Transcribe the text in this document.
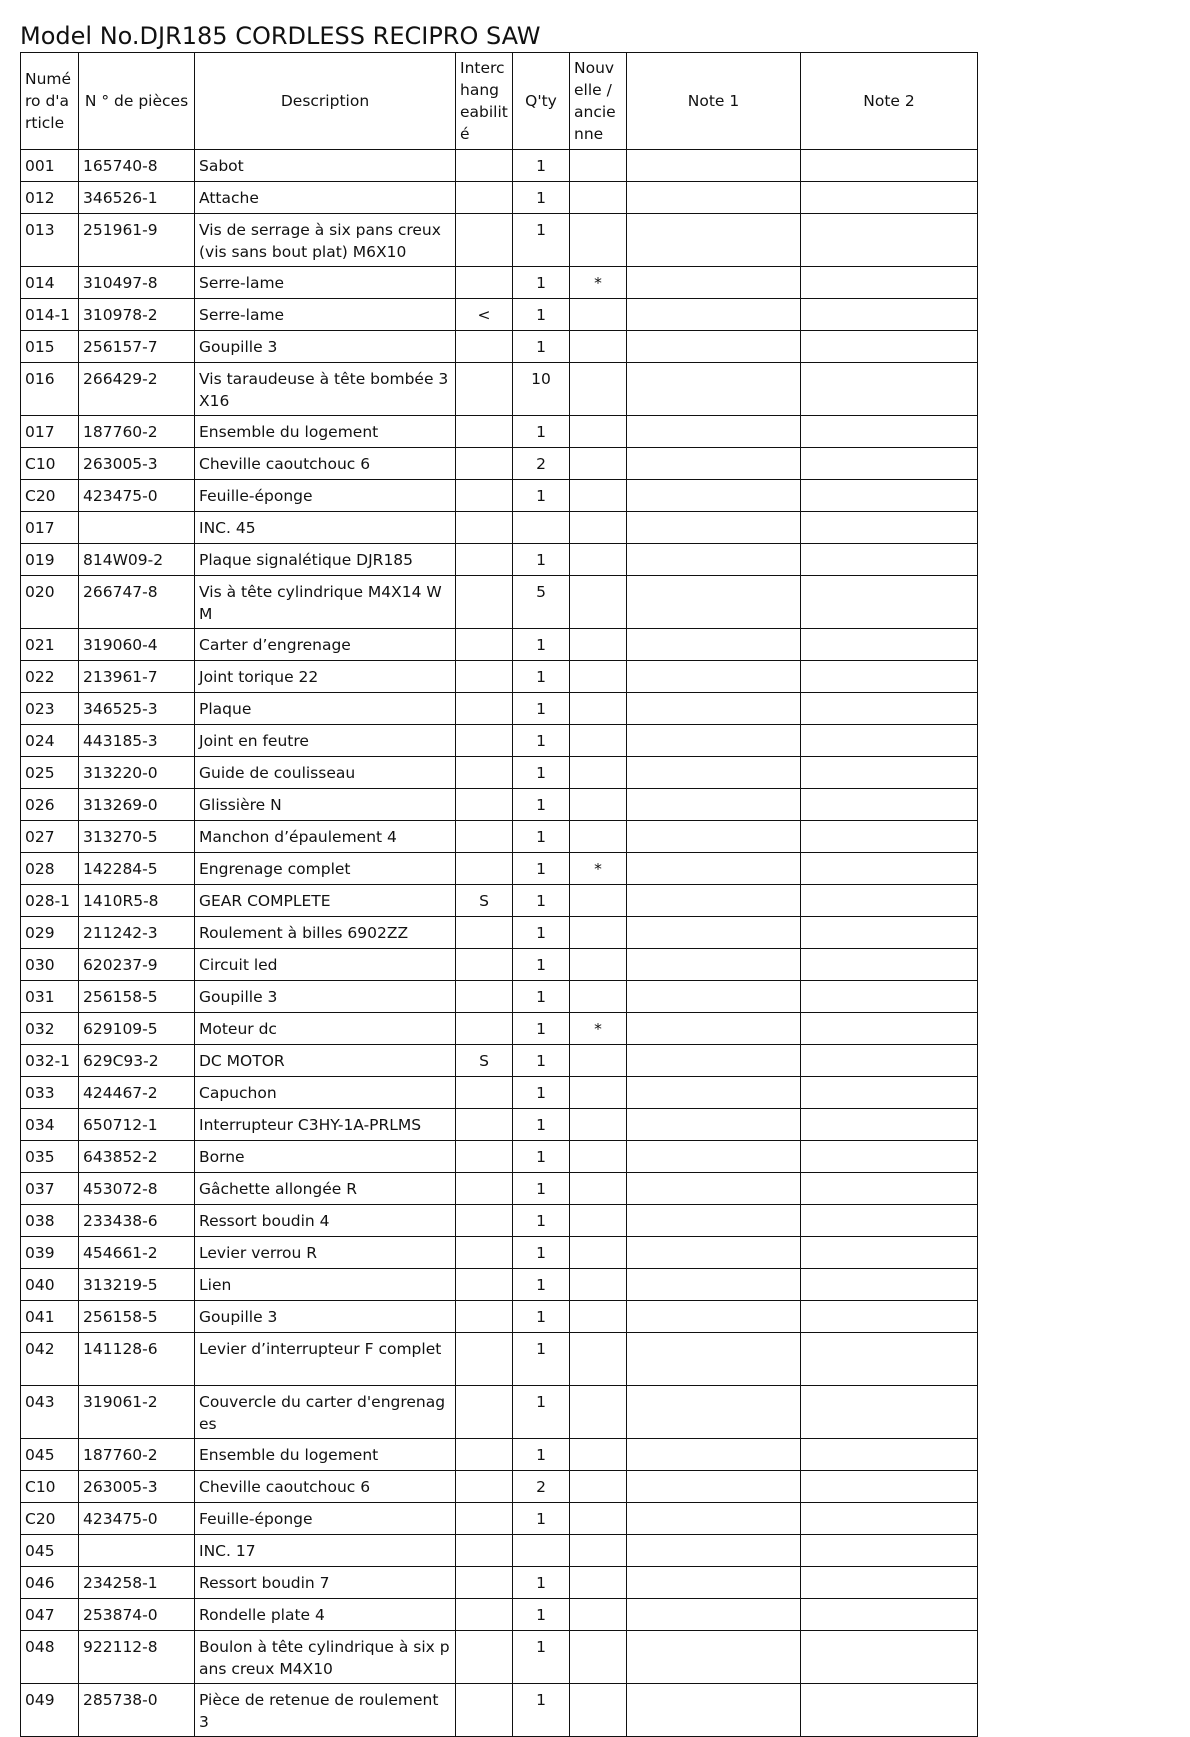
Model No.DJR185 CORDLESS RECIPRO SAW
Numéro d'article	N ° de pièces	Description	Interchangeabilité	Q'ty	Nouvelle / ancienne	Note 1	Note 2
001	165740-8	Sabot		1			
012	346526-1	Attache		1			
013	251961-9	Vis de serrage à six pans creux (vis sans bout plat) M6X10		1			
014	310497-8	Serre-lame		1	*		
014-1	310978-2	Serre-lame	<	1			
015	256157-7	Goupille 3		1			
016	266429-2	Vis taraudeuse à tête bombée 3X16		10			
017	187760-2	Ensemble du logement		1			
C10	263005-3	Cheville caoutchouc 6		2			
C20	423475-0	Feuille-éponge		1			
017		INC. 45					
019	814W09-2	Plaque signalétique DJR185		1			
020	266747-8	Vis à tête cylindrique M4X14 WM		5			
021	319060-4	Carter d’engrenage		1			
022	213961-7	Joint torique 22		1			
023	346525-3	Plaque		1			
024	443185-3	Joint en feutre		1			
025	313220-0	Guide de coulisseau		1			
026	313269-0	Glissière N		1			
027	313270-5	Manchon d’épaulement 4		1			
028	142284-5	Engrenage complet		1	*		
028-1	1410R5-8	GEAR COMPLETE	S	1			
029	211242-3	Roulement à billes 6902ZZ		1			
030	620237-9	Circuit led		1			
031	256158-5	Goupille 3		1			
032	629109-5	Moteur dc		1	*		
032-1	629C93-2	DC MOTOR	S	1			
033	424467-2	Capuchon		1			
034	650712-1	Interrupteur C3HY-1A-PRLMS		1			
035	643852-2	Borne		1			
037	453072-8	Gâchette allongée R		1			
038	233438-6	Ressort boudin 4		1			
039	454661-2	Levier verrou R		1			
040	313219-5	Lien		1			
041	256158-5	Goupille 3		1			
042	141128-6	Levier d’interrupteur F complet		1			
043	319061-2	Couvercle du carter d'engrenages		1			
045	187760-2	Ensemble du logement		1			
C10	263005-3	Cheville caoutchouc 6		2			
C20	423475-0	Feuille-éponge		1			
045		INC. 17					
046	234258-1	Ressort boudin 7		1			
047	253874-0	Rondelle plate 4		1			
048	922112-8	Boulon à tête cylindrique à six pans creux M4X10		1			
049	285738-0	Pièce de retenue de roulement 3		1			
